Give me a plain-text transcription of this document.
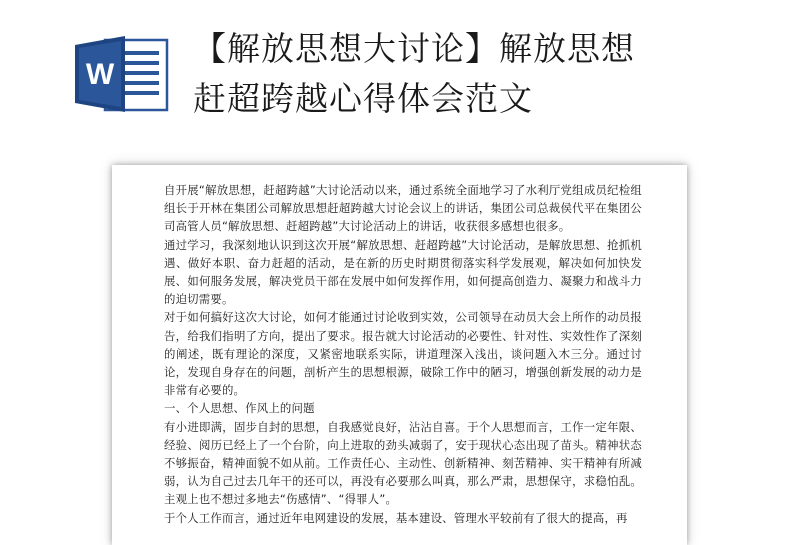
W
【解放思想大讨论】解放思想
赶超跨越心得体会范文

自开展“解放思想，赶超跨越”大讨论活动以来，通过系统全面地学习了水利厅党组成员纪检组组长于开林在集团公司解放思想赶超跨越大讨论会议上的讲话，集团公司总裁侯代平在集团公司高管人员“解放思想、赶超跨越”大讨论活动上的讲话，收获很多感想也很多。

通过学习，我深刻地认识到这次开展“解放思想、赶超跨越”大讨论活动，是解放思想、抢抓机遇、做好本职、奋力赶超的活动，是在新的历史时期贯彻落实科学发展观，解决如何加快发展、如何服务发展，解决党员干部在发展中如何发挥作用，如何提高创造力、凝聚力和战斗力的迫切需要。

对于如何搞好这次大讨论，如何才能通过讨论收到实效，公司领导在动员大会上所作的动员报告，给我们指明了方向，提出了要求。报告就大讨论活动的必要性、针对性、实效性作了深刻的阐述，既有理论的深度，又紧密地联系实际，讲道理深入浅出，谈问题入木三分。通过讨论，发现自身存在的问题，剖析产生的思想根源，破除工作中的陋习，增强创新发展的动力是非常有必要的。

一、个人思想、作风上的问题

有小进即满，固步自封的思想，自我感觉良好，沾沾自喜。于个人思想而言，工作一定年限、经验、阅历已经上了一个台阶，向上进取的劲头减弱了，安于现状心态出现了苗头。精神状态不够振奋，精神面貌不如从前。工作责任心、主动性、创新精神、刻苦精神、实干精神有所减弱，认为自己过去几年干的还可以，再没有必要那么叫真，那么严肃，思想保守，求稳怕乱。主观上也不想过多地去“伤感情”、“得罪人”。

于个人工作而言，通过近年电网建设的发展，基本建设、管理水平较前有了很大的提高，再
